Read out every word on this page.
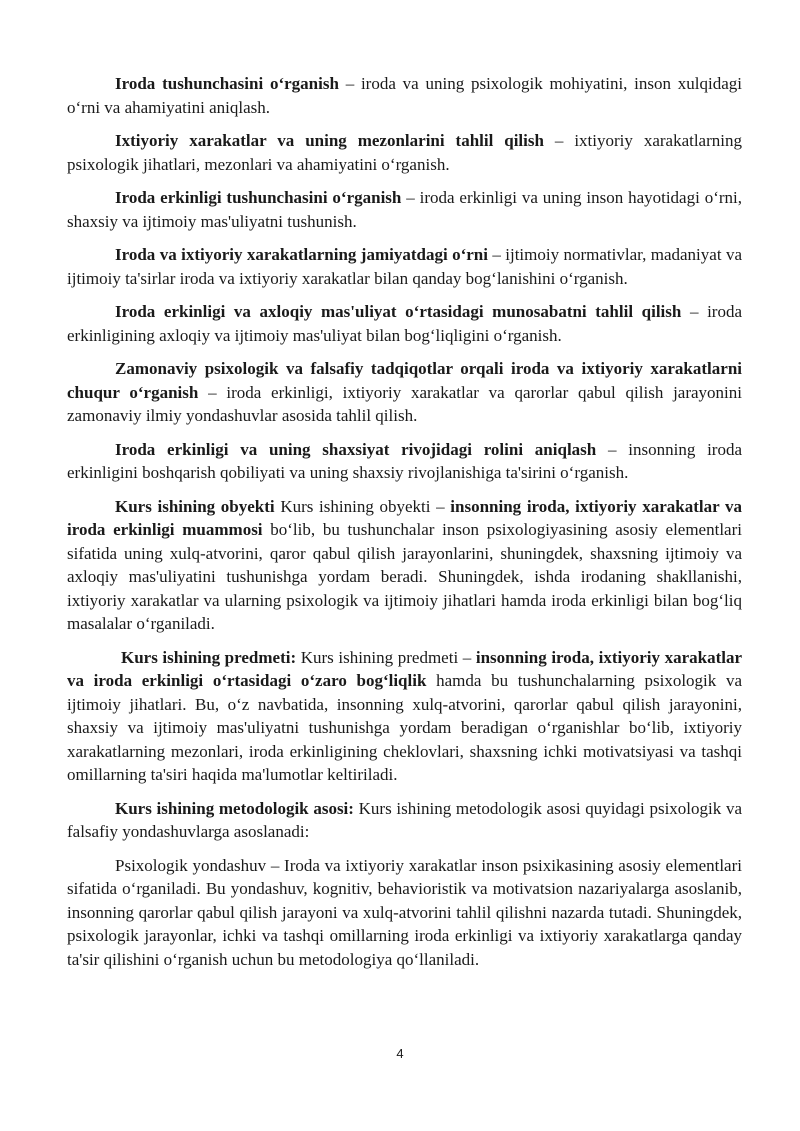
Iroda tushunchasini o‘rganish – iroda va uning psixologik mohiyatini, inson xulqidagi o‘rni va ahamiyatini aniqlash.

Ixtiyoriy xarakatlar va uning mezonlarini tahlil qilish – ixtiyoriy xarakatlarning psixologik jihatlari, mezonlari va ahamiyatini o‘rganish.

Iroda erkinligi tushunchasini o‘rganish – iroda erkinligi va uning inson hayotidagi o‘rni, shaxsiy va ijtimoiy mas'uliyatni tushunish.

Iroda va ixtiyoriy xarakatlarning jamiyatdagi o‘rni – ijtimoiy normativlar, madaniyat va ijtimoiy ta'sirlar iroda va ixtiyoriy xarakatlar bilan qanday bog‘lanishini o‘rganish.

Iroda erkinligi va axloqiy mas'uliyat o‘rtasidagi munosabatni tahlil qilish – iroda erkinligining axloqiy va ijtimoiy mas'uliyat bilan bog‘liqligini o‘rganish.

Zamonaviy psixologik va falsafiy tadqiqotlar orqali iroda va ixtiyoriy xarakatlarni chuqur o‘rganish – iroda erkinligi, ixtiyoriy xarakatlar va qarorlar qabul qilish jarayonini zamonaviy ilmiy yondashuvlar asosida tahlil qilish.

Iroda erkinligi va uning shaxsiyat rivojidagi rolini aniqlash – insonning iroda erkinligini boshqarish qobiliyati va uning shaxsiy rivojlanishiga ta'sirini o‘rganish.

Kurs ishining obyekti Kurs ishining obyekti – insonning iroda, ixtiyoriy xarakatlar va iroda erkinligi muammosi bo‘lib, bu tushunchalar inson psixologiyasining asosiy elementlari sifatida uning xulq-atvorini, qaror qabul qilish jarayonlarini, shuningdek, shaxsning ijtimoiy va axloqiy mas'uliyatini tushunishga yordam beradi. Shuningdek, ishda irodaning shakllanishi, ixtiyoriy xarakatlar va ularning psixologik va ijtimoiy jihatlari hamda iroda erkinligi bilan bog‘liq masalalar o‘rganiladi.

Kurs ishining predmeti: Kurs ishining predmeti – insonning iroda, ixtiyoriy xarakatlar va iroda erkinligi o‘rtasidagi o‘zaro bog‘liqlik hamda bu tushunchalarning psixologik va ijtimoiy jihatlari. Bu, o‘z navbatida, insonning xulq-atvorini, qarorlar qabul qilish jarayonini, shaxsiy va ijtimoiy mas'uliyatni tushunishga yordam beradigan o‘rganishlar bo‘lib, ixtiyoriy xarakatlarning mezonlari, iroda erkinligining cheklovlari, shaxsning ichki motivatsiyasi va tashqi omillarning ta'siri haqida ma'lumotlar keltiriladi.

Kurs ishining metodologik asosi: Kurs ishining metodologik asosi quyidagi psixologik va falsafiy yondashuvlarga asoslanadi:

Psixologik yondashuv – Iroda va ixtiyoriy xarakatlar inson psixikasining asosiy elementlari sifatida o‘rganiladi. Bu yondashuv, kognitiv, behavioristik va motivatsion nazariyalarga asoslanib, insonning qarorlar qabul qilish jarayoni va xulq-atvorini tahlil qilishni nazarda tutadi. Shuningdek, psixologik jarayonlar, ichki va tashqi omillarning iroda erkinligi va ixtiyoriy xarakatlarga qanday ta'sir qilishini o‘rganish uchun bu metodologiya qo‘llaniladi.

4
